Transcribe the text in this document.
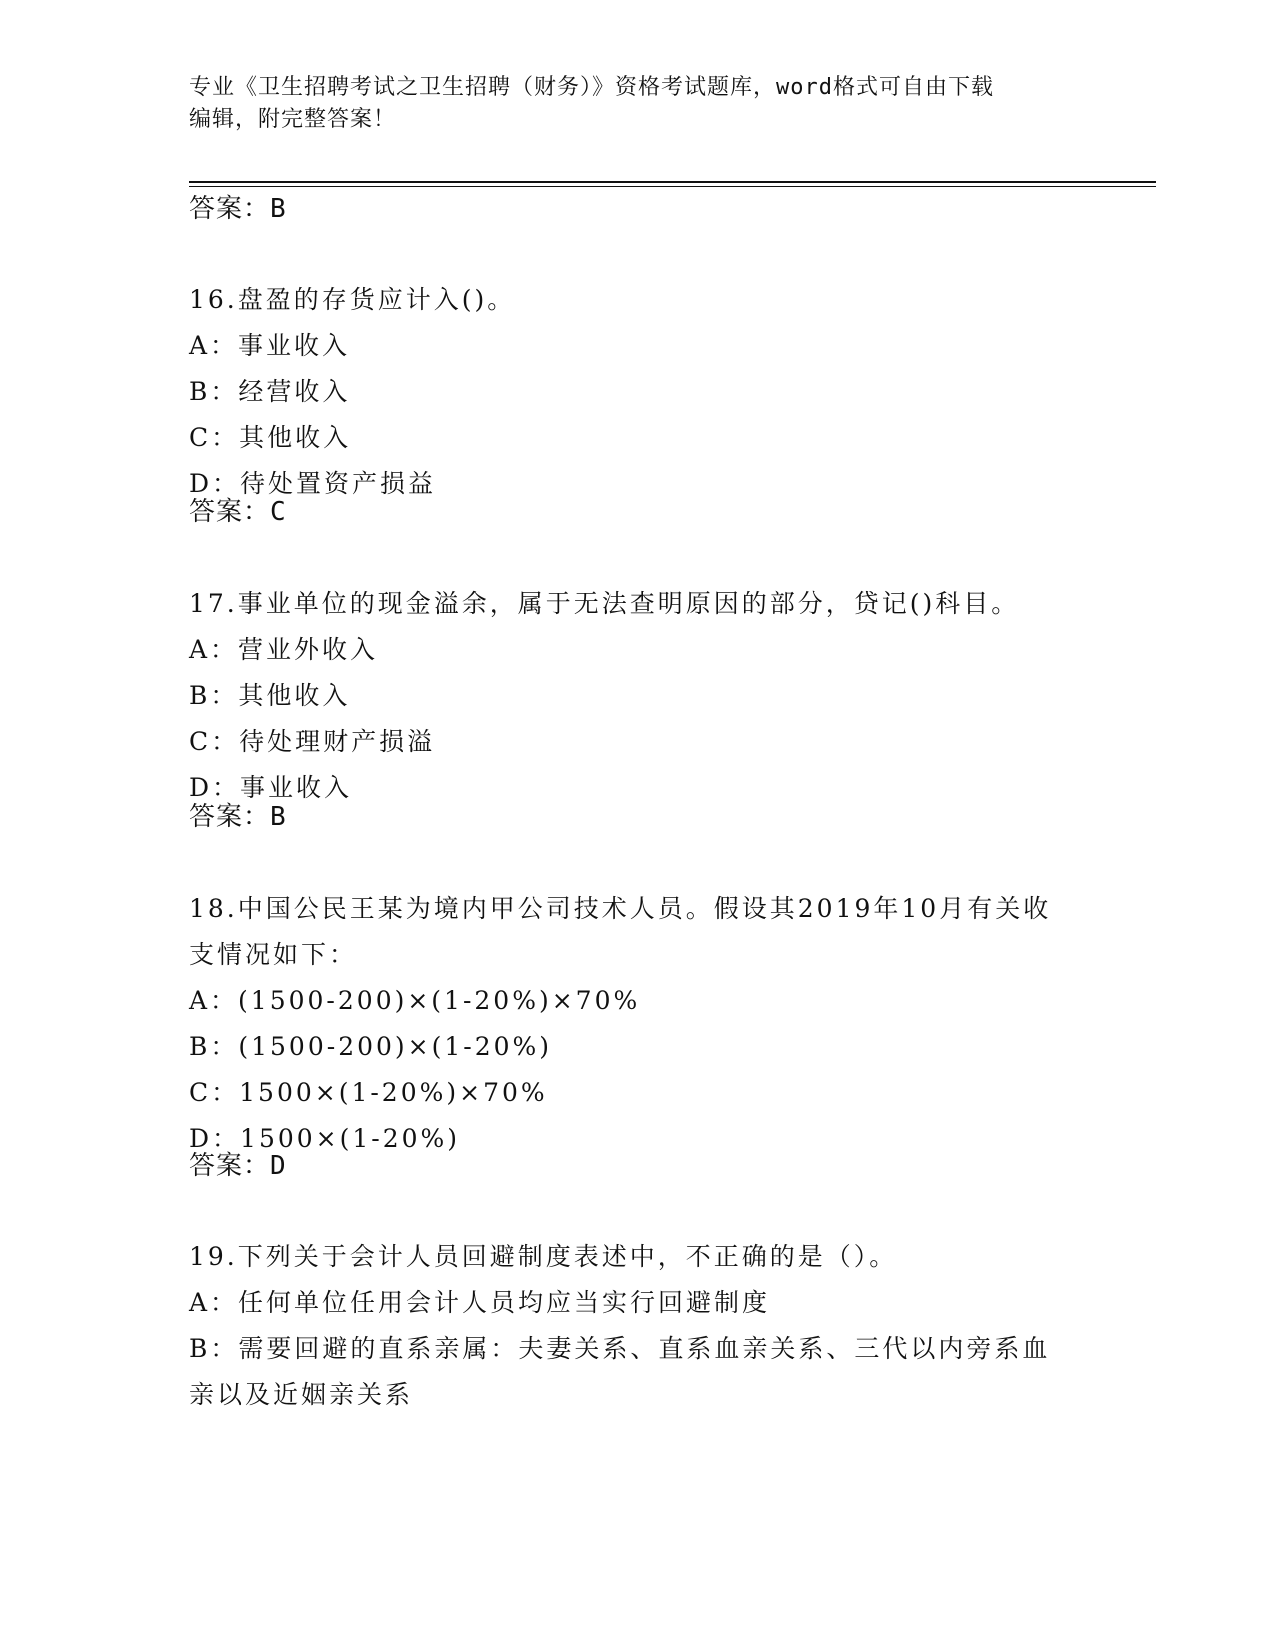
专业《卫生招聘考试之卫生招聘（财务）》资格考试题库，word格式可自由下载
编辑，附完整答案！
答案：B
16.盘盈的存货应计入()。
A：事业收入
B：经营收入
C：其他收入
D：待处置资产损益
答案：C
17.事业单位的现金溢余，属于无法查明原因的部分，贷记()科目。
A：营业外收入
B：其他收入
C：待处理财产损溢
D：事业收入
答案：B
18.中国公民王某为境内甲公司技术人员。假设其2019年10月有关收
支情况如下：
A：(1500-200)×(1-20%)×70%
B：(1500-200)×(1-20%)
C：1500×(1-20%)×70%
D：1500×(1-20%)
答案：D
19.下列关于会计人员回避制度表述中，不正确的是（）。
A：任何单位任用会计人员均应当实行回避制度
B：需要回避的直系亲属：夫妻关系、直系血亲关系、三代以内旁系血
亲以及近姻亲关系
